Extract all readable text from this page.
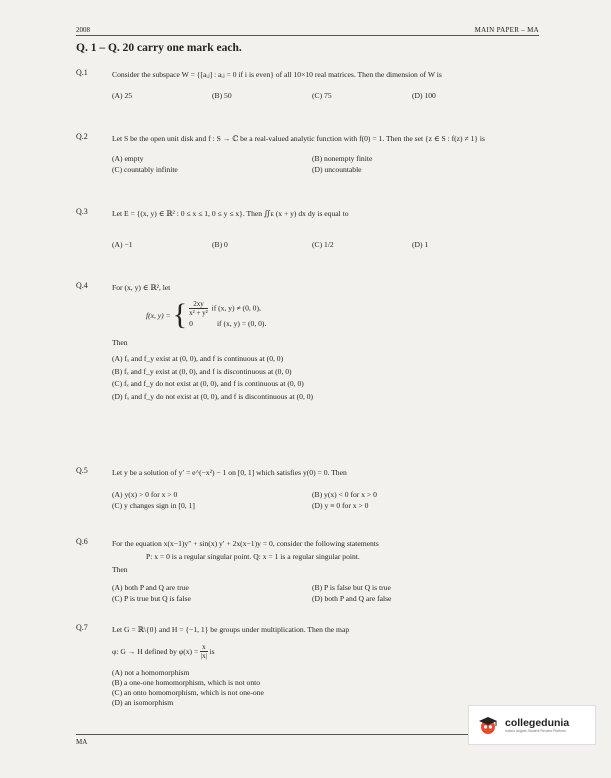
2008	MAIN PAPER – MA
Q. 1 – Q. 20 carry one mark each.
Q.1	Consider the subspace W = {[aᵢⱼ] : aᵢⱼ = 0 if i is even} of all 10×10 real matrices. Then the dimension of W is
(A) 25	(B) 50	(C) 75	(D) 100
Q.2	Let S be the open unit disk and f : S → ℂ be a real-valued analytic function with f(0) = 1. Then the set {z ∈ S : f(z) ≠ 1} is
(A) empty	(B) nonempty finite
(C) countably infinite	(D) uncountable
Q.3	Let E = {(x, y) ∈ ℝ² : 0 ≤ x ≤ 1, 0 ≤ y ≤ x}. Then ∬ᴇ (x + y) dx dy is equal to
(A) −1	(B) 0	(C) 1/2	(D) 1
Q.4	For (x, y) ∈ ℝ², let
f(x, y) = { $\frac{2xy}{\text{x² + y²}}$ if (x, y) ≠ (0, 0),
0	if (x, y) = (0, 0).
Then
(A) fₓ and f_y exist at (0, 0), and f is continuous at (0, 0)
(B) fₓ and f_y exist at (0, 0), and f is discontinuous at (0, 0)
(C) fₓ and f_y do not exist at (0, 0), and f is continuous at (0, 0)
(D) fₓ and f_y do not exist at (0, 0), and f is discontinuous at (0, 0)
Q.5	Let y be a solution of y′ = e^(−x²) − 1 on [0, 1] which satisfies y(0) = 0. Then
(A) y(x) > 0 for x > 0	(B) y(x) < 0 for x > 0
(C) y changes sign in [0, 1]	(D) y ≡ 0 for x > 0
Q.6	For the equation x(x−1)y″ + sin(x) y′ + 2x(x−1)y = 0, consider the following statements
P: x = 0 is a regular singular point. Q: x = 1 is a regular singular point.
Then
(A) both P and Q are true	(B) P is false but Q is true
(C) P is true but Q is false	(D) both P and Q are false
Q.7	Let G = ℝ\{0} and H = {−1, 1} be groups under multiplication. Then the map
φ: G → H defined by φ(x) =
$\frac{x}{|x|}$
is
(A) not a homomorphism
(B) a one-one homomorphism, which is not onto
(C) an onto homomorphism, which is not one-one
(D) an isomorphism
MA
collegedunia
India's largest Student Review Platform
